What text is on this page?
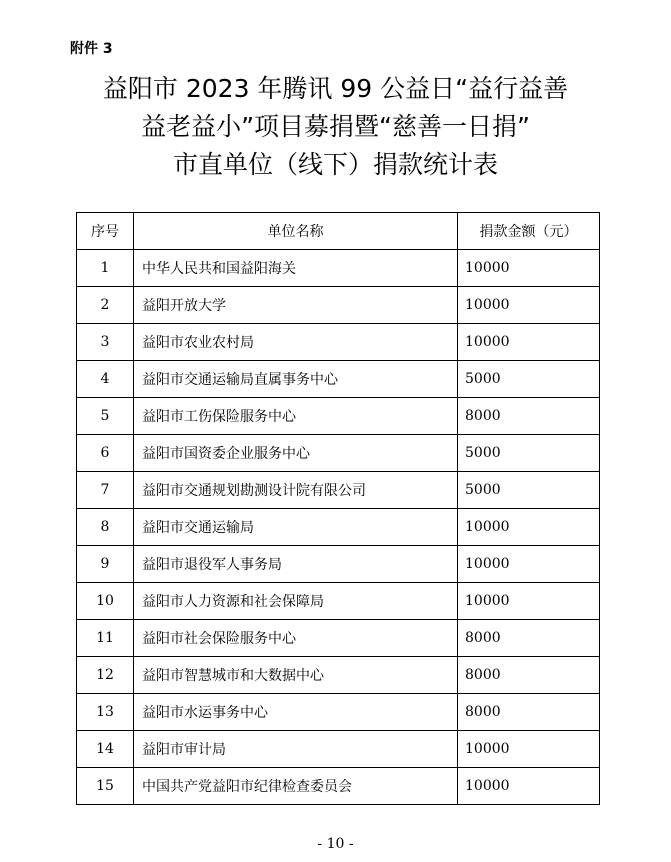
附件 3
益阳市 2023 年腾讯 99 公益日“益行益善
益老益小”项目募捐暨“慈善一日捐”
市直单位（线下）捐款统计表
序号	单位名称	捐款金额（元）
1	中华人民共和国益阳海关	10000
2	益阳开放大学	10000
3	益阳市农业农村局	10000
4	益阳市交通运输局直属事务中心	5000
5	益阳市工伤保险服务中心	8000
6	益阳市国资委企业服务中心	5000
7	益阳市交通规划勘测设计院有限公司	5000
8	益阳市交通运输局	10000
9	益阳市退役军人事务局	10000
10	益阳市人力资源和社会保障局	10000
11	益阳市社会保险服务中心	8000
12	益阳市智慧城市和大数据中心	8000
13	益阳市水运事务中心	8000
14	益阳市审计局	10000
15	中国共产党益阳市纪律检查委员会	10000
- 10 -
